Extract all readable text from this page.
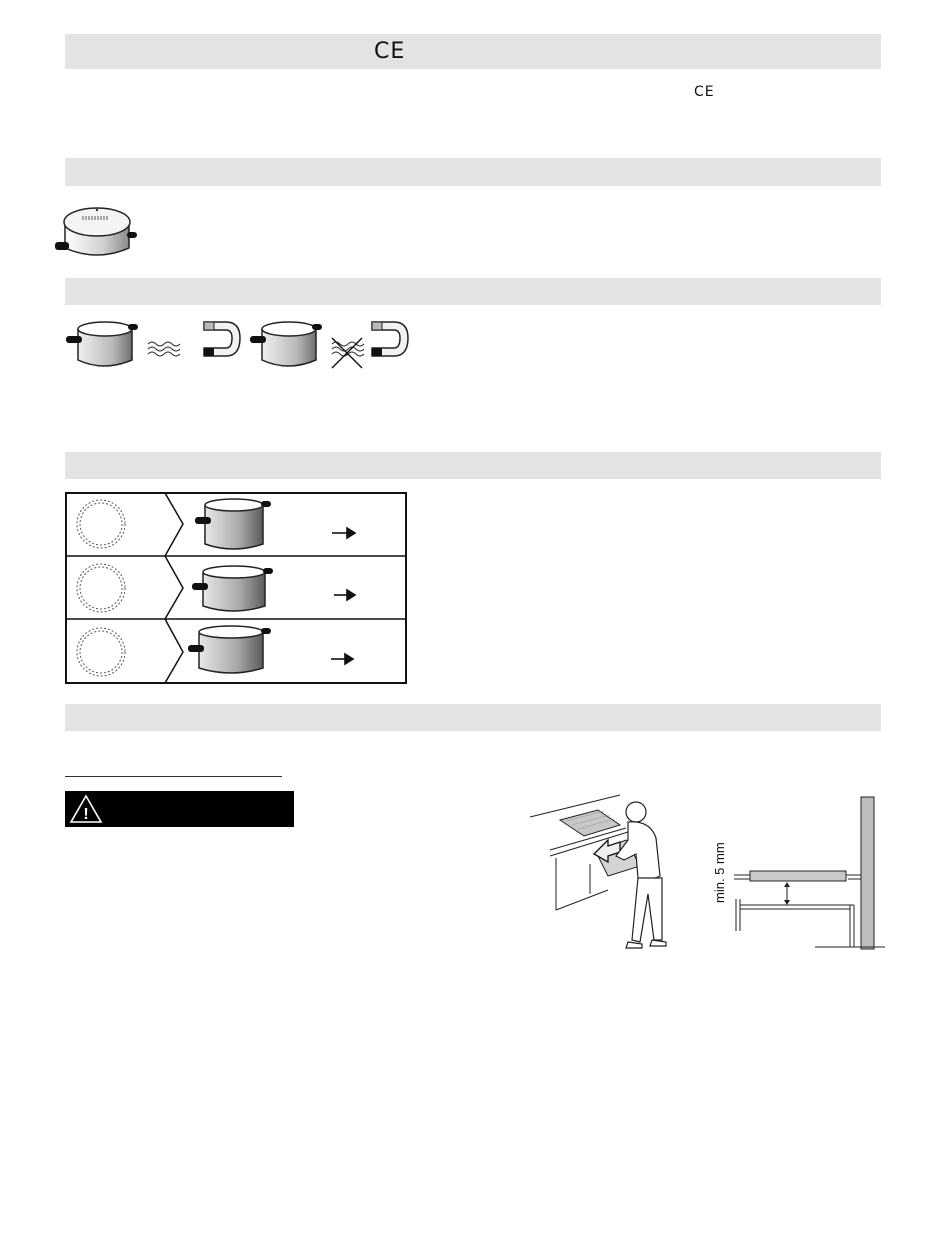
CE
CE
!
min. 5 mm
